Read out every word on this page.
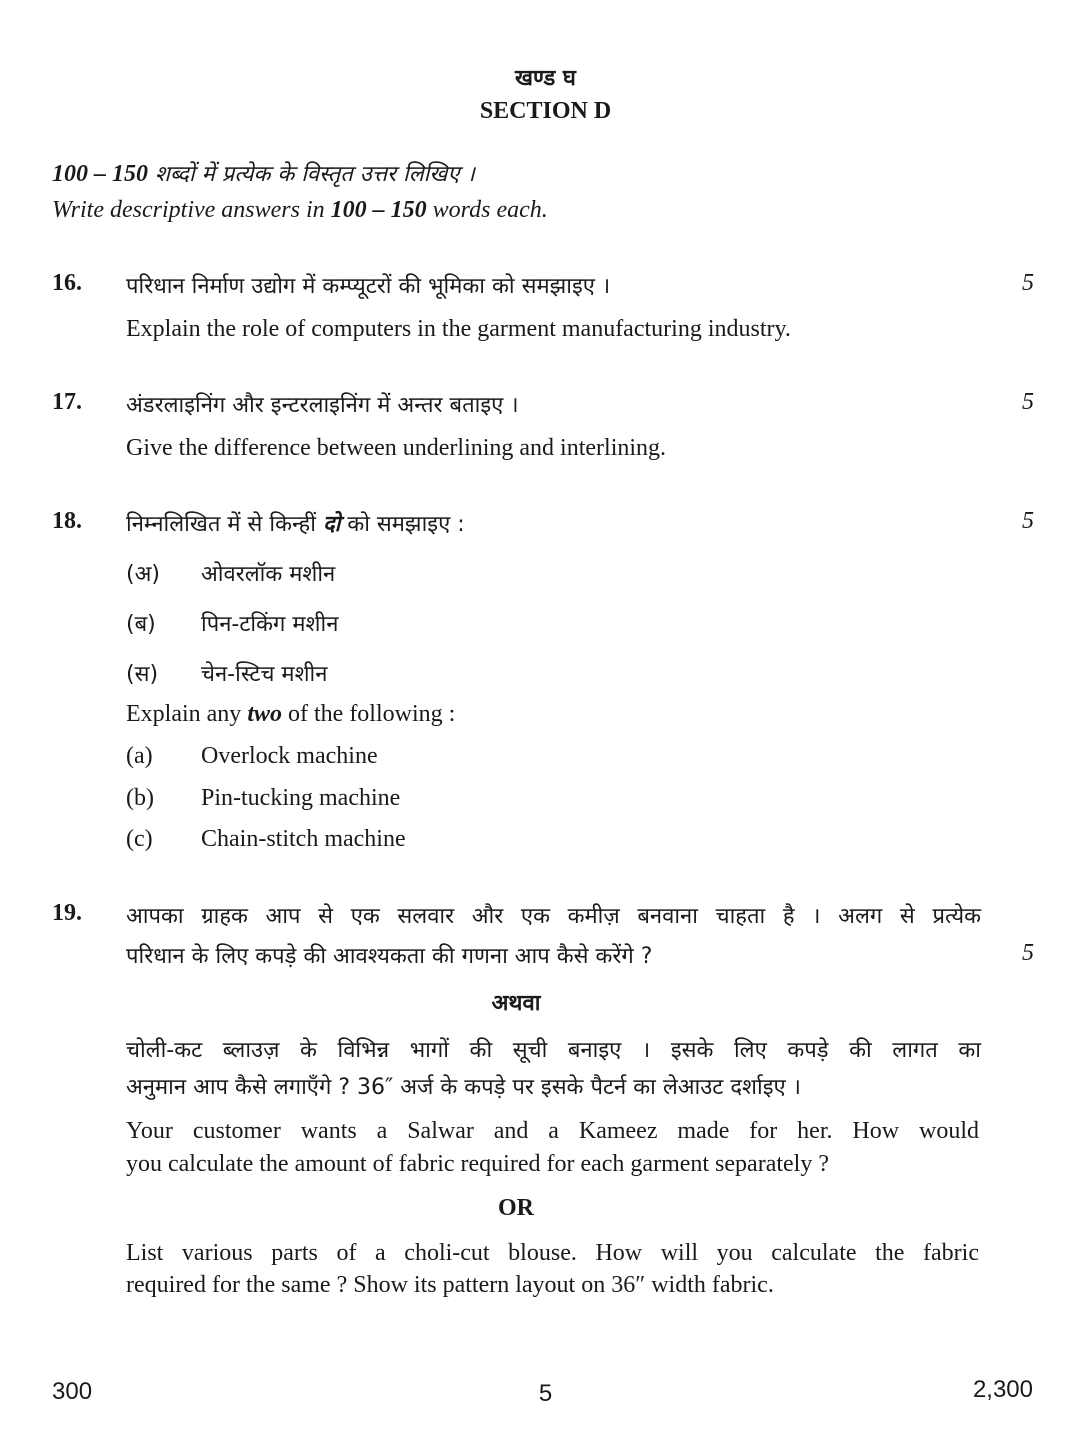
खण्ड घ
SECTION D
100 – 150 शब्दों में प्रत्येक के विस्तृत उत्तर लिखिए ।
Write descriptive answers in 100 – 150 words each.
16. परिधान निर्माण उद्योग में कम्प्यूटरों की भूमिका को समझाइए ।	5
Explain the role of computers in the garment manufacturing industry.
17. अंडरलाइनिंग और इन्टरलाइनिंग में अन्तर बताइए ।	5
Give the difference between underlining and interlining.
18. निम्नलिखित में से किन्हीं दो को समझाइए :	5
(अ) ओवरलॉक मशीन
(ब) पिन-टकिंग मशीन
(स) चेन-स्टिच मशीन
Explain any two of the following :
(a) Overlock machine
(b) Pin-tucking machine
(c) Chain-stitch machine
19. आपका ग्राहक आप से एक सलवार और एक कमीज़ बनवाना चाहता है । अलग से प्रत्येक
परिधान के लिए कपड़े की आवश्यकता की गणना आप कैसे करेंगे ?	5
अथवा
चोली-कट ब्लाउज़ के विभिन्न भागों की सूची बनाइए । इसके लिए कपड़े की लागत का
अनुमान आप कैसे लगाएँगे ? 36″ अर्ज के कपड़े पर इसके पैटर्न का लेआउट दर्शाइए ।
Your customer wants a Salwar and a Kameez made for her. How would
you calculate the amount of fabric required for each garment separately ?
OR
List various parts of a choli-cut blouse. How will you calculate the fabric
required for the same ? Show its pattern layout on 36″ width fabric.
300	5	2,300
